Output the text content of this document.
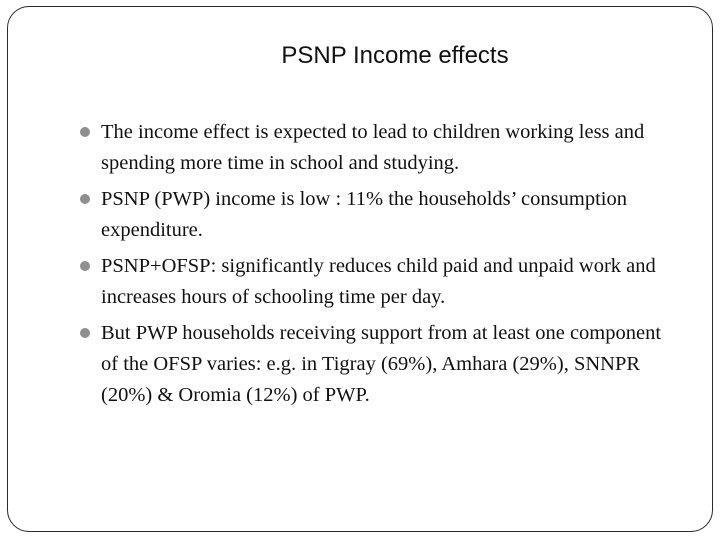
PSNP Income effects
The income effect is expected to lead to children working less and spending more time in school and studying.
PSNP (PWP) income is low : 11% the households’ consumption expenditure.
PSNP+OFSP: significantly reduces child paid and unpaid work and increases hours of schooling time per day.
But PWP households receiving support from at least one component of the OFSP varies: e.g. in Tigray (69%), Amhara (29%), SNNPR (20%) & Oromia (12%) of PWP.
